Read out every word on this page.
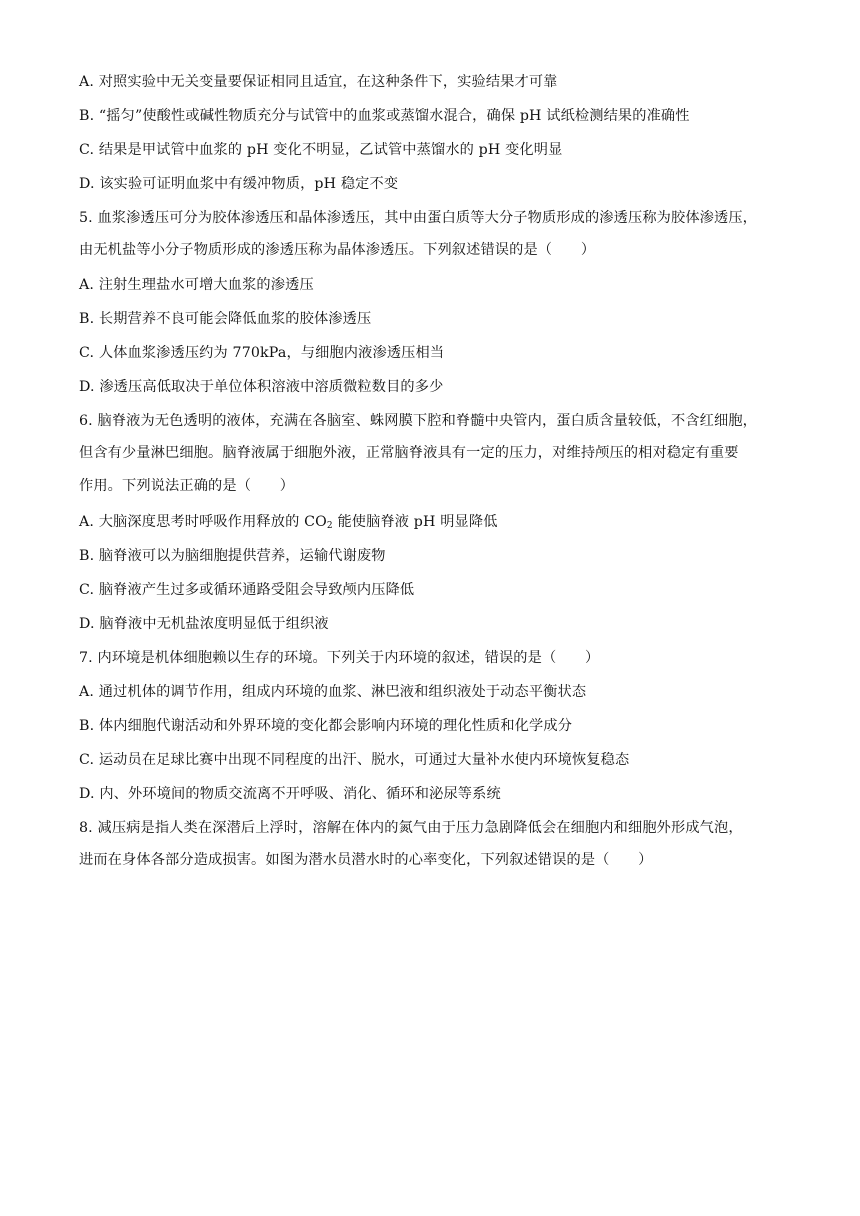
A. 对照实验中无关变量要保证相同且适宜，在这种条件下，实验结果才可靠
B. “摇匀”使酸性或碱性物质充分与试管中的血浆或蒸馏水混合，确保 pH 试纸检测结果的准确性
C. 结果是甲试管中血浆的 pH 变化不明显，乙试管中蒸馏水的 pH 变化明显
D. 该实验可证明血浆中有缓冲物质，pH 稳定不变
5. 血浆渗透压可分为胶体渗透压和晶体渗透压，其中由蛋白质等大分子物质形成的渗透压称为胶体渗透压，
由无机盐等小分子物质形成的渗透压称为晶体渗透压。下列叙述错误的是（　　）
A. 注射生理盐水可增大血浆的渗透压
B. 长期营养不良可能会降低血浆的胶体渗透压
C. 人体血浆渗透压约为 770kPa，与细胞内液渗透压相当
D. 渗透压高低取决于单位体积溶液中溶质微粒数目的多少
6. 脑脊液为无色透明的液体，充满在各脑室、蛛网膜下腔和脊髓中央管内，蛋白质含量较低，不含红细胞，
但含有少量淋巴细胞。脑脊液属于细胞外液，正常脑脊液具有一定的压力，对维持颅压的相对稳定有重要
作用。下列说法正确的是（　　）
A. 大脑深度思考时呼吸作用释放的 $CO_2$ 能使脑脊液 pH 明显降低
B. 脑脊液可以为脑细胞提供营养，运输代谢废物
C. 脑脊液产生过多或循环通路受阻会导致颅内压降低
D. 脑脊液中无机盐浓度明显低于组织液
7. 内环境是机体细胞赖以生存的环境。下列关于内环境的叙述，错误的是（　　）
A. 通过机体的调节作用，组成内环境的血浆、淋巴液和组织液处于动态平衡状态
B. 体内细胞代谢活动和外界环境的变化都会影响内环境的理化性质和化学成分
C. 运动员在足球比赛中出现不同程度的出汗、脱水，可通过大量补水使内环境恢复稳态
D. 内、外环境间的物质交流离不开呼吸、消化、循环和泌尿等系统
8. 减压病是指人类在深潜后上浮时，溶解在体内的氮气由于压力急剧降低会在细胞内和细胞外形成气泡，
进而在身体各部分造成损害。如图为潜水员潜水时的心率变化，下列叙述错误的是（　　）
